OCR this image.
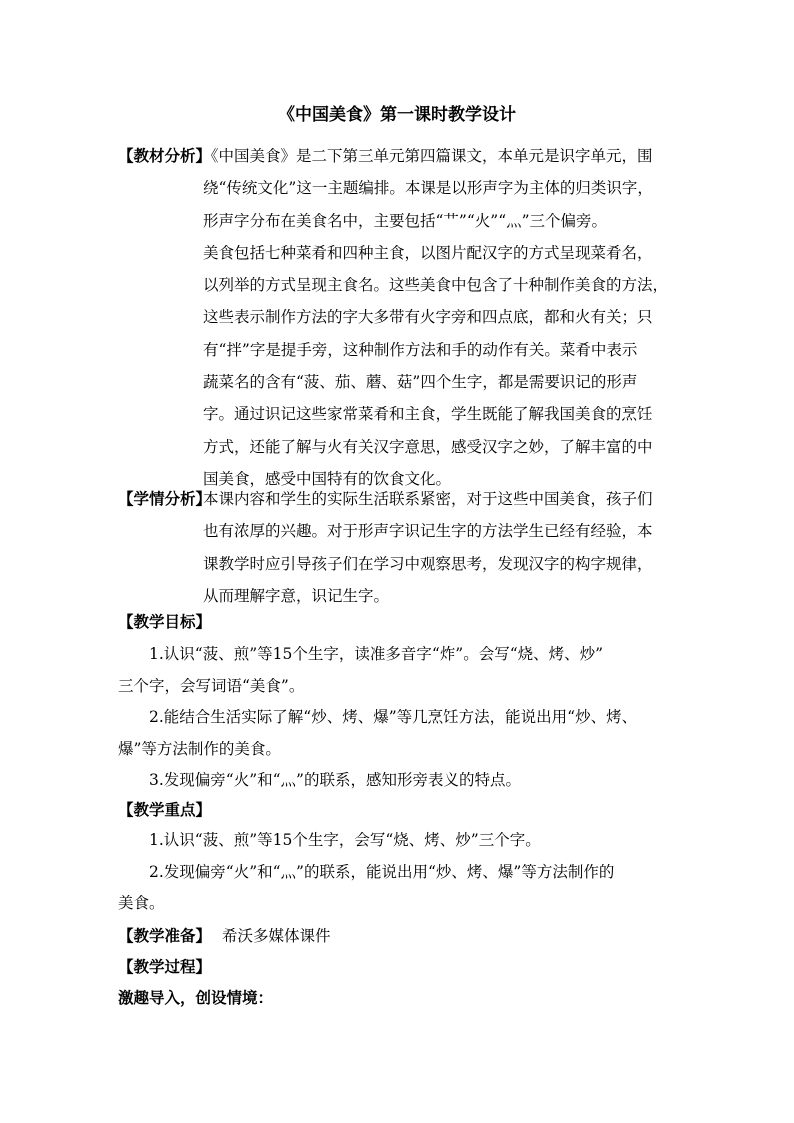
《中国美食》第一课时教学设计
【教材分析】
《中国美食》是二下第三单元第四篇课文，本单元是识字单元，围
绕“传统文化”这一主题编排。本课是以形声字为主体的归类识字，
形声字分布在美食名中，主要包括“艹”“火”“灬”三个偏旁。
美食包括七种菜肴和四种主食，以图片配汉字的方式呈现菜肴名，
以列举的方式呈现主食名。这些美食中包含了十种制作美食的方法，
这些表示制作方法的字大多带有火字旁和四点底，都和火有关；只
有“拌”字是提手旁，这种制作方法和手的动作有关。菜肴中表示
蔬菜名的含有“菠、茄、蘑、菇”四个生字，都是需要识记的形声
字。通过识记这些家常菜肴和主食，学生既能了解我国美食的烹饪
方式，还能了解与火有关汉字意思，感受汉字之妙，了解丰富的中
国美食，感受中国特有的饮食文化。
【学情分析】
本课内容和学生的实际生活联系紧密，对于这些中国美食，孩子们
也有浓厚的兴趣。对于形声字识记生字的方法学生已经有经验，本
课教学时应引导孩子们在学习中观察思考，发现汉字的构字规律，
从而理解字意，识记生字。
【教学目标】
1.认识“菠、煎”等15个生字，读准多音字“炸”。会写“烧、烤、炒”
三个字，会写词语“美食”。
2.能结合生活实际了解“炒、烤、爆”等几烹饪方法，能说出用“炒、烤、
爆”等方法制作的美食。
3.发现偏旁“火”和“灬”的联系，感知形旁表义的特点。
【教学重点】
1.认识“菠、煎”等15个生字，会写“烧、烤、炒”三个字。
2.发现偏旁“火”和“灬”的联系，能说出用“炒、烤、爆”等方法制作的
美食。
【教学准备】 希沃多媒体课件
【教学过程】
激趣导入，创设情境：
